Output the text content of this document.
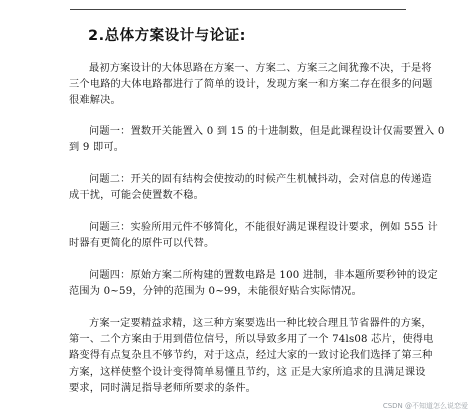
2.总体方案设计与论证:
最初方案设计的大体思路在方案一、方案二、方案三之间犹豫不决，于是将
三个电路的大体电路都进行了简单的设计，发现方案一和方案二存在很多的问题
很难解决。
问题一：置数开关能置入 0 到 15 的十进制数，但是此课程设计仅需要置入 0
到 9 即可。
问题二：开关的固有结构会使按动的时候产生机械抖动，会对信息的传递造
成干扰，可能会使置数不稳。
问题三：实验所用元件不够简化，不能很好满足课程设计要求，例如 555 计
时器有更简化的原件可以代替。
问题四：原始方案二所构建的置数电路是 100 进制，非本题所要秒钟的设定
范围为 0~59，分钟的范围为 0~99，未能很好贴合实际情况。
方案一定要精益求精，这三种方案要选出一种比较合理且节省器件的方案，
第一、二个方案由于用到借位信号，所以导致多用了一个 74ls08 芯片，使得电
路变得有点复杂且不够节约，对于这点，经过大家的一致讨论我们选择了第三种
方案，这样使整个设计变得简单易懂且节约，这 正是大家所追求的且满足课设
要求，同时满足指导老师所要求的条件。
CSDN @不知道怎么说恋爱
